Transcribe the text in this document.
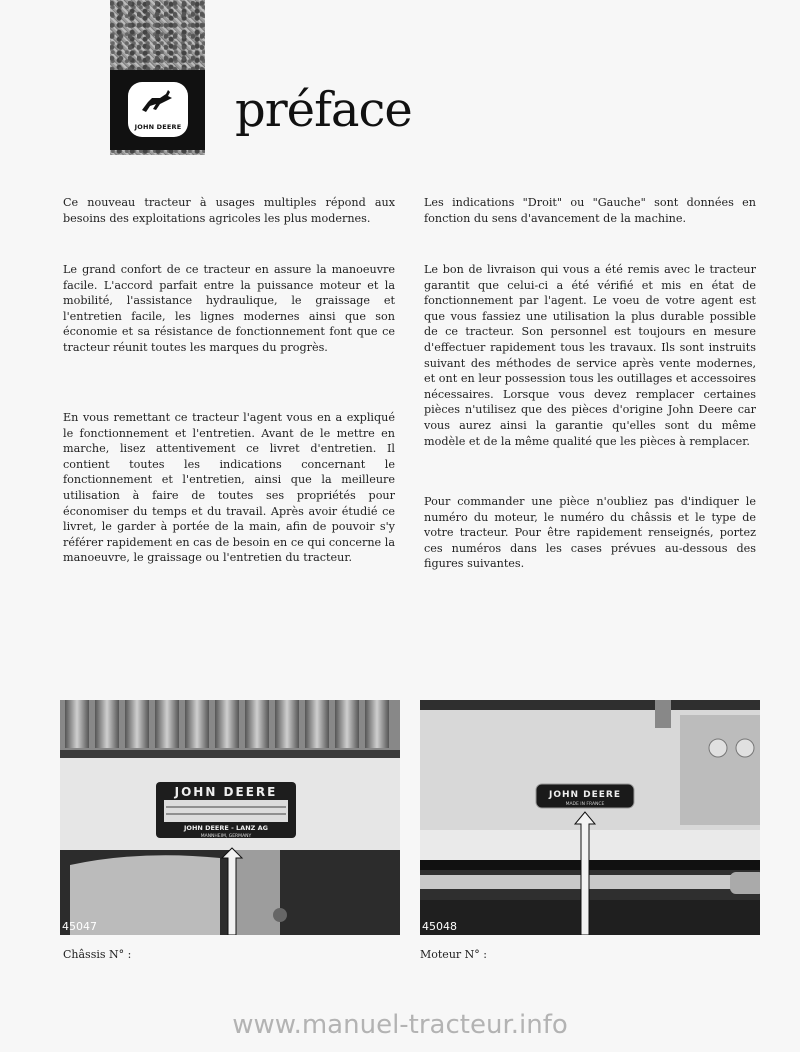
JOHN DEERE préface

Ce nouveau tracteur à usages multiples répond aux besoins des exploitations agricoles les plus modernes.

Le grand confort de ce tracteur en assure la manoeuvre facile. L'accord parfait entre la puissance moteur et la mobilité, l'assistance hydraulique, le graissage et l'entretien facile, les lignes modernes ainsi que son économie et sa résistance de fonctionnement font que ce tracteur réunit toutes les marques du progrès.

En vous remettant ce tracteur l'agent vous en a expliqué le fonctionnement et l'entretien. Avant de le mettre en marche, lisez attentivement ce livret d'entretien. Il contient toutes les indications concernant le fonctionnement et l'entretien, ainsi que la meilleure utilisation à faire de toutes ses propriétés pour économiser du temps et du travail. Après avoir étudié ce livret, le garder à portée de la main, afin de pouvoir s'y référer rapidement en cas de besoin en ce qui concerne la manoeuvre, le graissage ou l'entretien du tracteur.

Les indications "Droit" ou "Gauche" sont données en fonction du sens d'avancement de la machine.

Le bon de livraison qui vous a été remis avec le tracteur garantit que celui-ci a été vérifié et mis en état de fonctionnement par l'agent. Le voeu de votre agent est que vous fassiez une utilisation la plus durable possible de ce tracteur. Son personnel est toujours en mesure d'effectuer rapidement tous les travaux. Ils sont instruits suivant des méthodes de service après vente modernes, et ont en leur possession tous les outillages et accessoires nécessaires. Lorsque vous devez remplacer certaines pièces n'utilisez que des pièces d'origine John Deere car vous aurez ainsi la garantie qu'elles sont du même modèle et de la même qualité que les pièces à remplacer.

Pour commander une pièce n'oubliez pas d'indiquer le numéro du moteur, le numéro du châssis et le type de votre tracteur. Pour être rapidement renseignés, portez ces numéros dans les cases prévues au-dessous des figures suivantes.

JOHN DEERE
JOHN DEERE - LANZ AG
MANNHEIM, GERMANY
45047
JOHN DEERE
MADE IN FRANCE
45048
Châssis N° :	Moteur N° :
www.manuel-tracteur.info
